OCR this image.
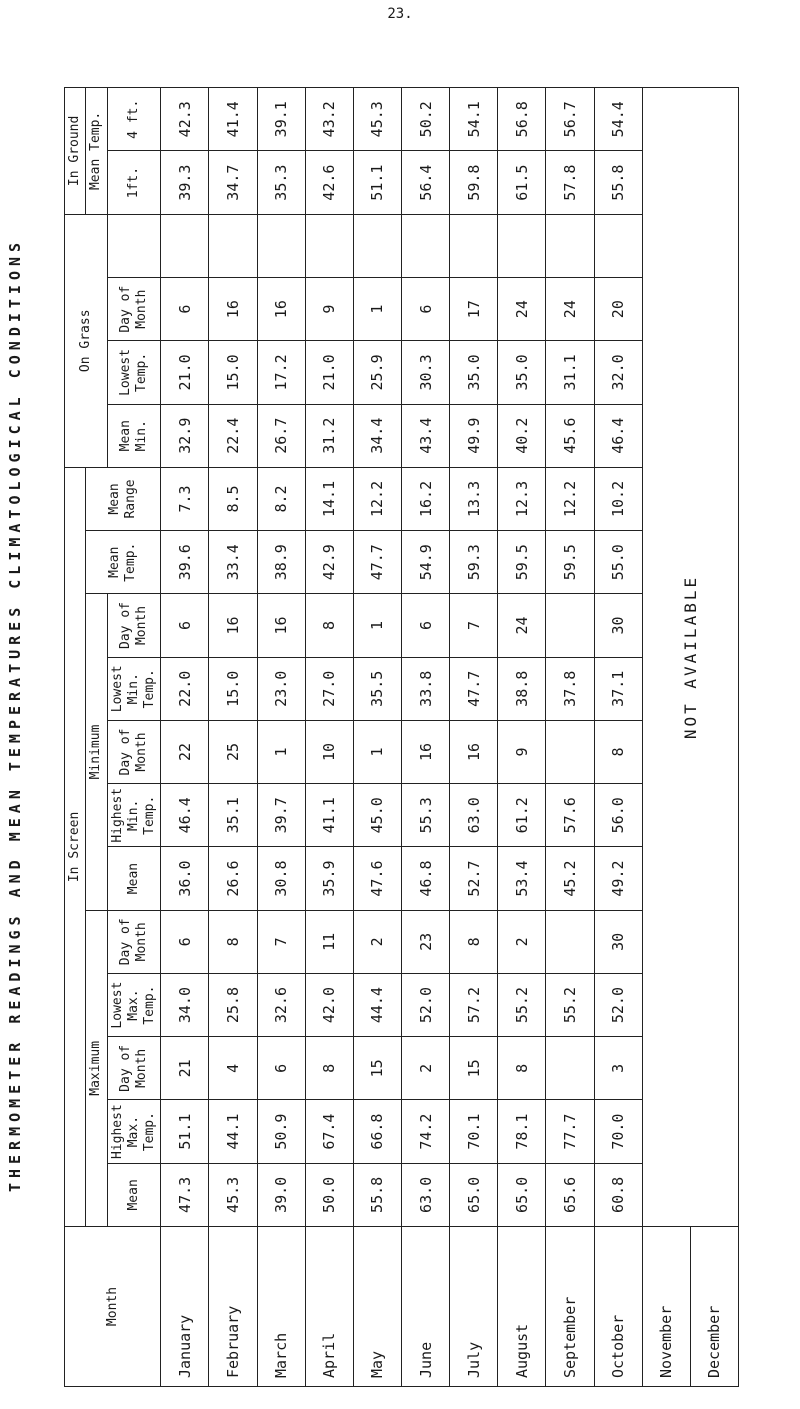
23.
THERMOMETER READINGS AND MEAN TEMPERATURES CLIMATOLOGICAL CONDITIONS
Month	In Screen												On Grass				In Ground	
	Maximum					Minimum					Mean Temp.	Mean Range					Mean Temp.	
	Mean	Highest Max. Temp.	Day of Month	Lowest Max. Temp.	Day of Month	Mean	Highest Min. Temp.	Day of Month	Lowest Min. Temp.	Day of Month			Mean Min.	Lowest Temp.	Day of Month		1ft.	4 ft.
January	47.3	51.1	21	34.0	6	36.0	46.4	22	22.0	6	39.6	7.3	32.9	21.0	6		39.3	42.3
February	45.3	44.1	4	25.8	8	26.6	35.1	25	15.0	16	33.4	8.5	22.4	15.0	16		34.7	41.4
March	39.0	50.9	6	32.6	7	30.8	39.7	1	23.0	16	38.9	8.2	26.7	17.2	16		35.3	39.1
April	50.0	67.4	8	42.0	11	35.9	41.1	10	27.0	8	42.9	14.1	31.2	21.0	9		42.6	43.2
May	55.8	66.8	15	44.4	2	47.6	45.0	1	35.5	1	47.7	12.2	34.4	25.9	1		51.1	45.3
June	63.0	74.2	2	52.0	23	46.8	55.3	16	33.8	6	54.9	16.2	43.4	30.3	6		56.4	50.2
July	65.0	70.1	15	57.2	8	52.7	63.0	16	47.7	7	59.3	13.3	49.9	35.0	17		59.8	54.1
August	65.0	78.1	8	55.2	2	53.4	61.2	9	38.8	24	59.5	12.3	40.2	35.0	24		61.5	56.8
September	65.6	77.7		55.2		45.2	57.6		37.8		59.5	12.2	45.6	31.1	24		57.8	56.7
October	60.8	70.0	3	52.0	30	49.2	56.0	8	37.1	30	55.0	10.2	46.4	32.0	20		55.8	54.4
November	NOT AVAILABLE																	
December																		
